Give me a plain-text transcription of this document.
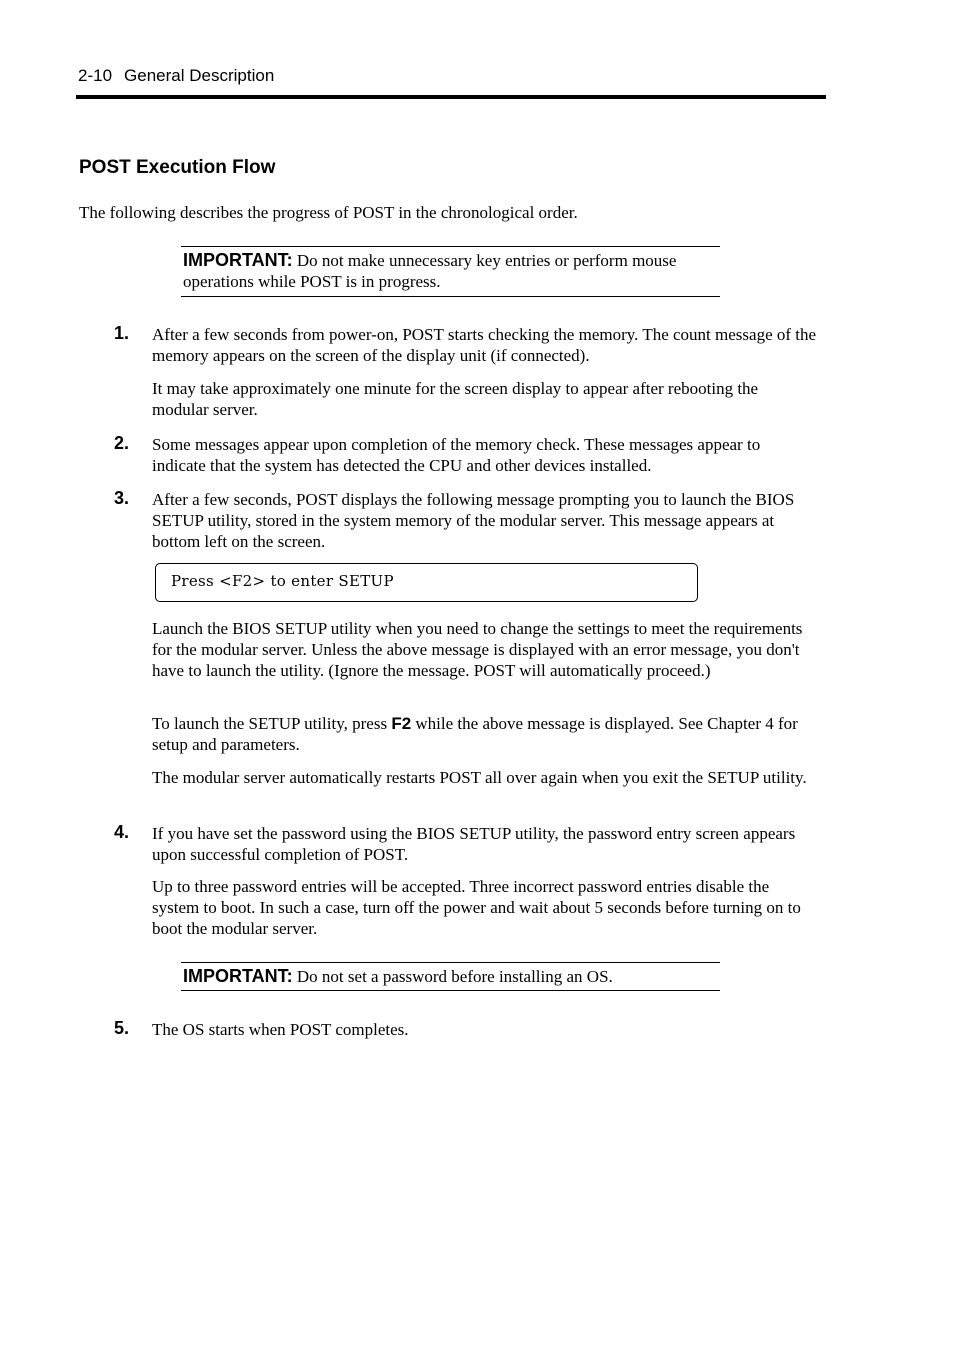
2-10 General Description
POST Execution Flow

The following describes the progress of POST in the chronological order.

IMPORTANT: Do not make unnecessary key entries or perform mouse operations while POST is in progress.
1. After a few seconds from power-on, POST starts checking the memory. The count message of the memory appears on the screen of the display unit (if connected).

It may take approximately one minute for the screen display to appear after rebooting the modular server.

2. Some messages appear upon completion of the memory check. These messages appear to indicate that the system has detected the CPU and other devices installed.

3. After a few seconds, POST displays the following message prompting you to launch the BIOS SETUP utility, stored in the system memory of the modular server. This message appears at bottom left on the screen.

Press <F2> to enter SETUP

Launch the BIOS SETUP utility when you need to change the settings to meet the requirements for the modular server. Unless the above message is displayed with an error message, you don't have to launch the utility. (Ignore the message. POST will automatically proceed.)

To launch the SETUP utility, press F2 while the above message is displayed. See Chapter 4 for setup and parameters.

The modular server automatically restarts POST all over again when you exit the SETUP utility.

4. If you have set the password using the BIOS SETUP utility, the password entry screen appears upon successful completion of POST.

Up to three password entries will be accepted. Three incorrect password entries disable the system to boot. In such a case, turn off the power and wait about 5 seconds before turning on to boot the modular server.

IMPORTANT: Do not set a password before installing an OS.
5. The OS starts when POST completes.
